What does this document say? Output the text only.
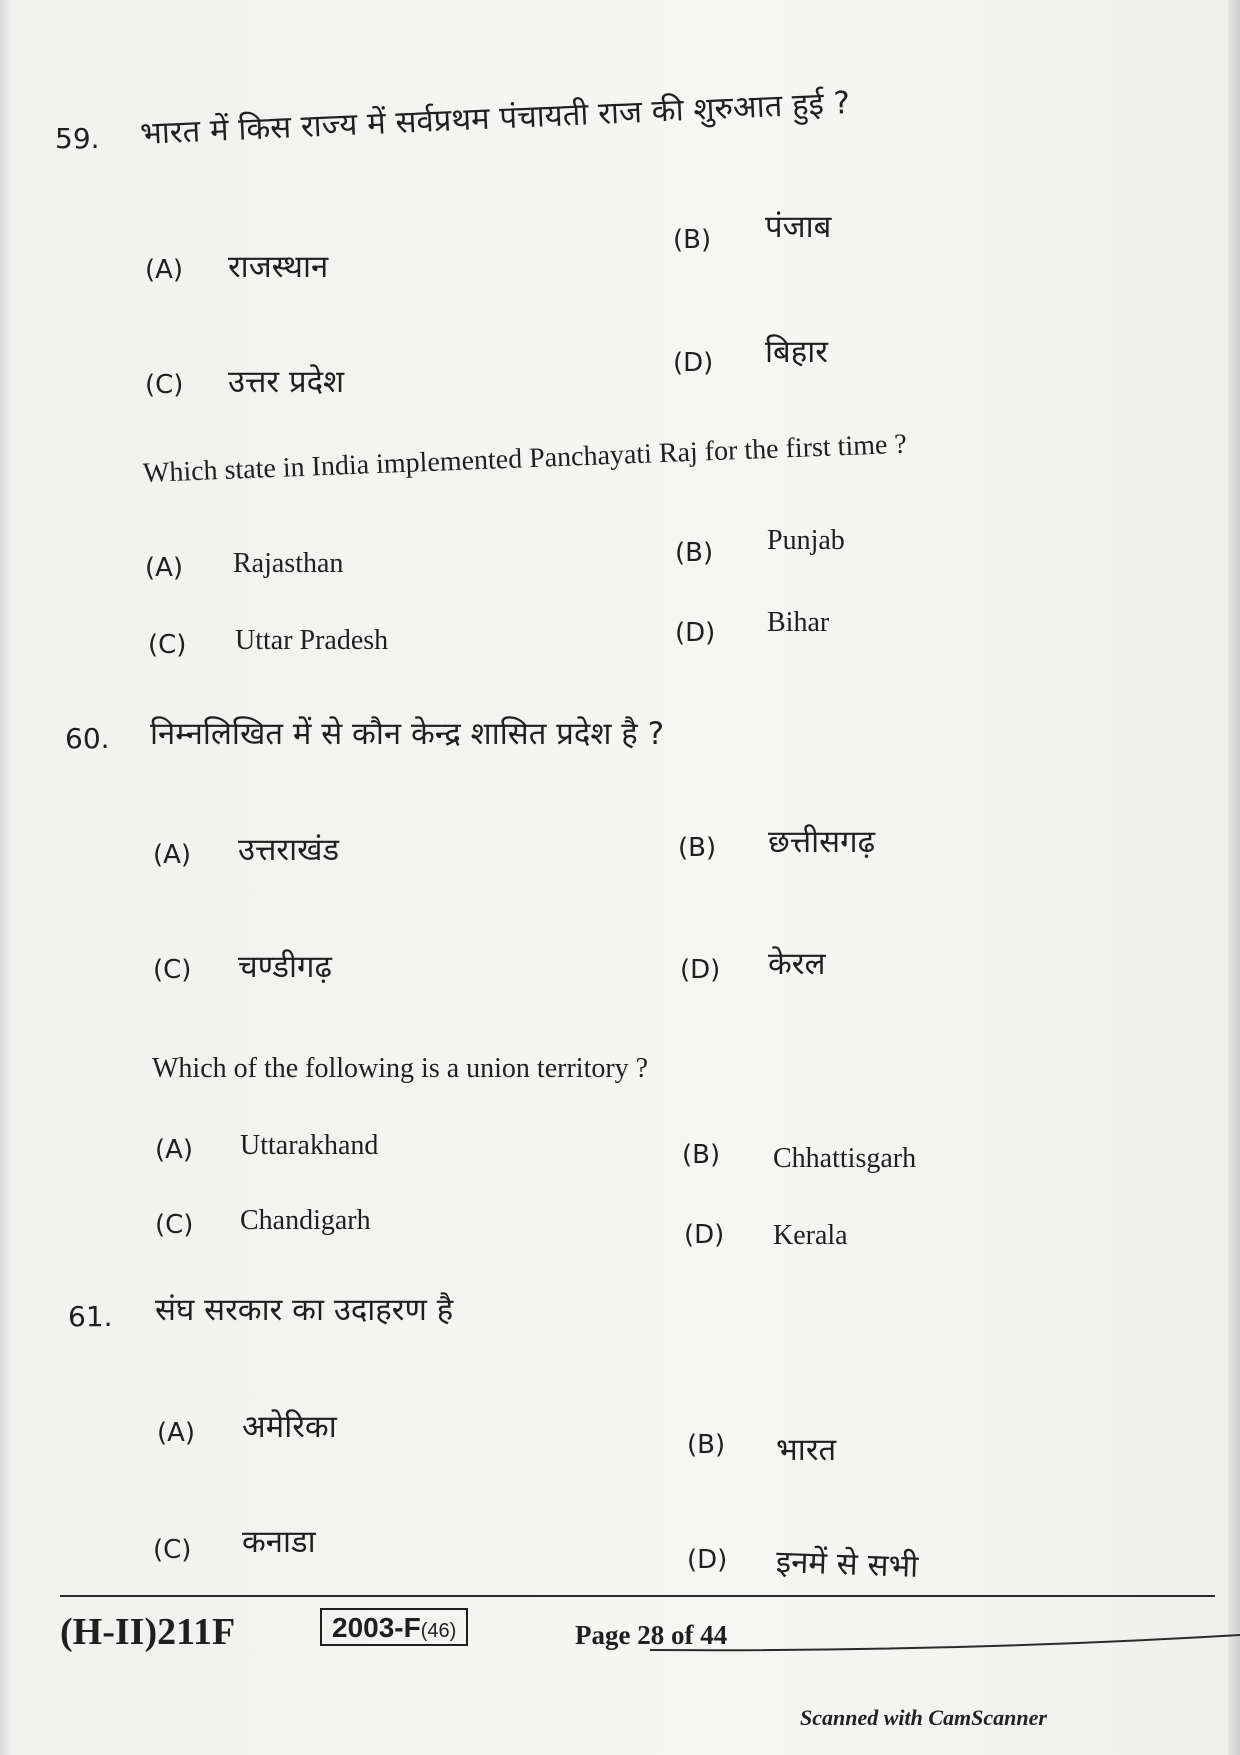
59. भारत में किस राज्य में सर्वप्रथम पंचायती राज की शुरुआत हुई ?
(A) राजस्थान
(B) पंजाब
(C) उत्तर प्रदेश
(D) बिहार
Which state in India implemented Panchayati Raj for the first time ?
(A) Rajasthan	(B) Punjab
(C) Uttar Pradesh	(D) Bihar
60. निम्नलिखित में से कौन केन्द्र शासित प्रदेश है ?
(A) उत्तराखंड	(B) छत्तीसगढ़
(C) चण्डीगढ़	(D) केरल
Which of the following is a union territory ?
(A) Uttarakhand	(B) Chhattisgarh
(C) Chandigarh	(D) Kerala
61. संघ सरकार का उदाहरण है
(A) अमेरिका	(B) भारत
(C) कनाडा	(D) इनमें से सभी
(H-II)211F	2003-F(46)	Page 28 of 44
Scanned with CamScanner
